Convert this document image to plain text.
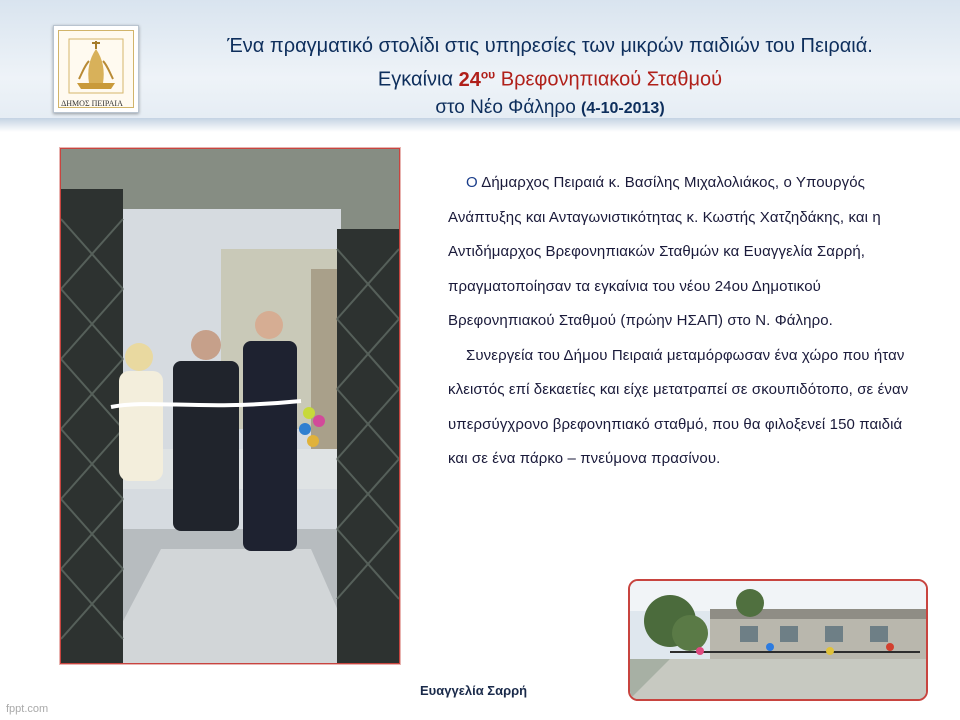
ΔΗΜΟΣ ΠΕΙΡΑΙΑ
Ένα πραγματικό στολίδι στις υπηρεσίες των μικρών παιδιών του Πειραιά.
Εγκαίνια $24^{o\upsilon}$ Βρεφονηπιακού Σταθμού
στο Νέο Φάληρο (4-10-2013)

Ο Δήμαρχος Πειραιά κ. Βασίλης Μιχαλολιάκος, ο Υπουργός Ανάπτυξης και Ανταγωνιστικότητας κ. Κωστής Χατζηδάκης, και η Αντιδήμαρχος Βρεφονηπιακών Σταθμών κα Ευαγγελία Σαρρή, πραγματοποίησαν τα εγκαίνια του νέου 24ου Δημοτικού Βρεφονηπιακού Σταθμού (πρώην ΗΣΑΠ) στο Ν. Φάληρο.

Συνεργεία του Δήμου Πειραιά μεταμόρφωσαν ένα χώρο που ήταν κλειστός επί δεκαετίες και είχε μετατραπεί σε σκουπιδότοπο, σε έναν υπερσύγχρονο βρεφονηπιακό σταθμό, που θα φιλοξενεί 150 παιδιά και σε ένα πάρκο – πνεύμονα πρασίνου.

Ευαγγελία Σαρρή
fppt.com
